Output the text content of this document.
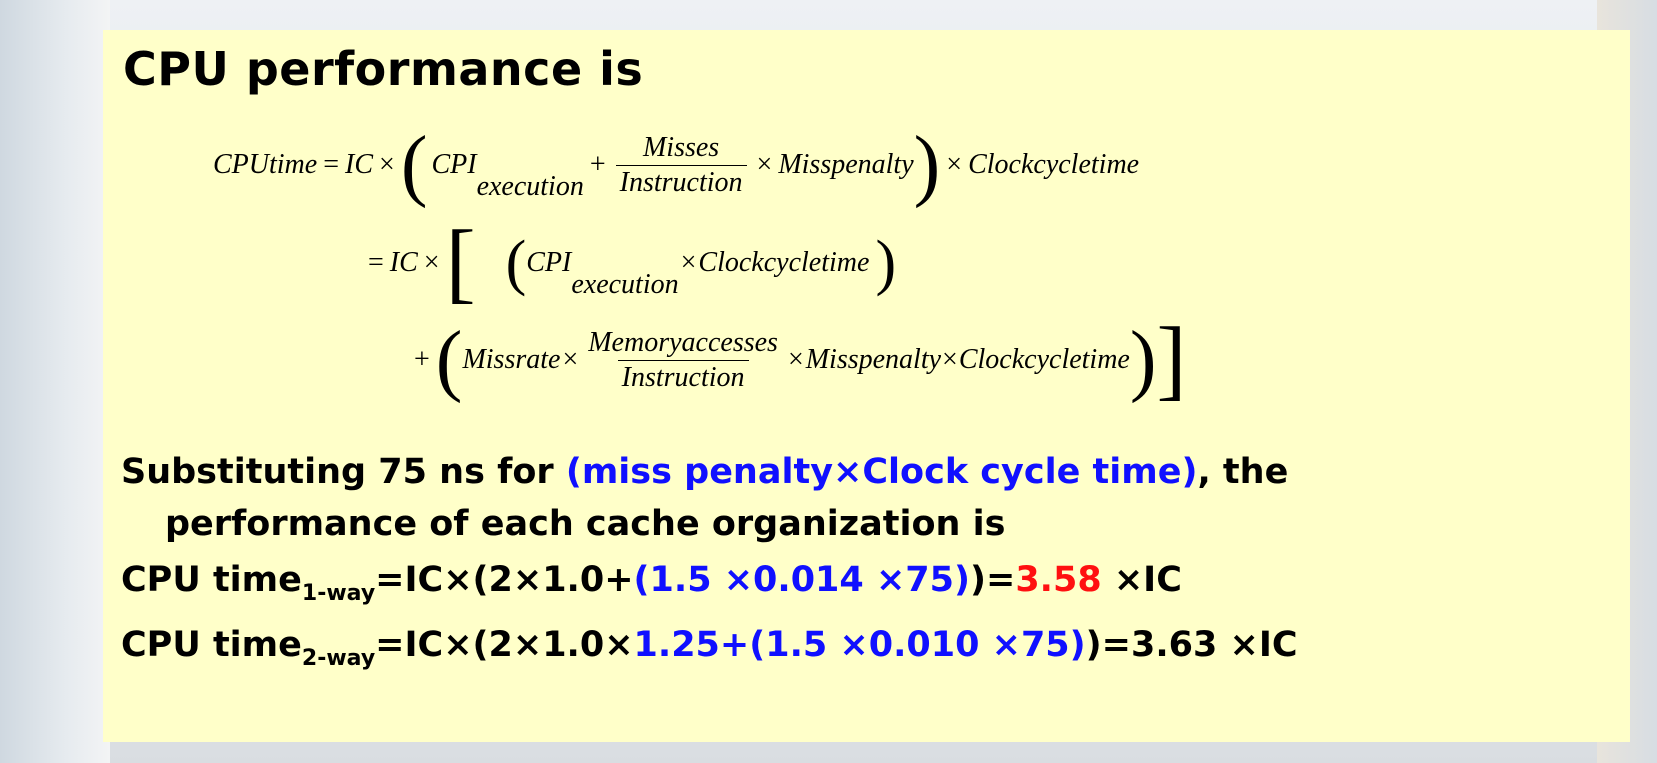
CPU performance is
CPUtime = IC × ( CPI
execution
+ $\frac{\text{Misses}}{\text{Instruction}}$ × Misspenalty ) × Clockcycletime
= IC × [ ( CPI
execution
× Clockcycletime )
+ ( Missrate × $\frac{\text{Memoryaccesses}}{\text{Instruction}}$ × Misspenalty × Clockcycletime ) ]
Substituting 75 ns for (miss penalty×Clock cycle time), the
performance of each cache organization is
CPU time$_{1-way}$=IC×(2×1.0+(1.5 ×0.014 ×75))=3.58 ×IC
CPU time$_{2-way}$=IC×(2×1.0×1.25+(1.5 ×0.010 ×75))=3.63 ×IC
